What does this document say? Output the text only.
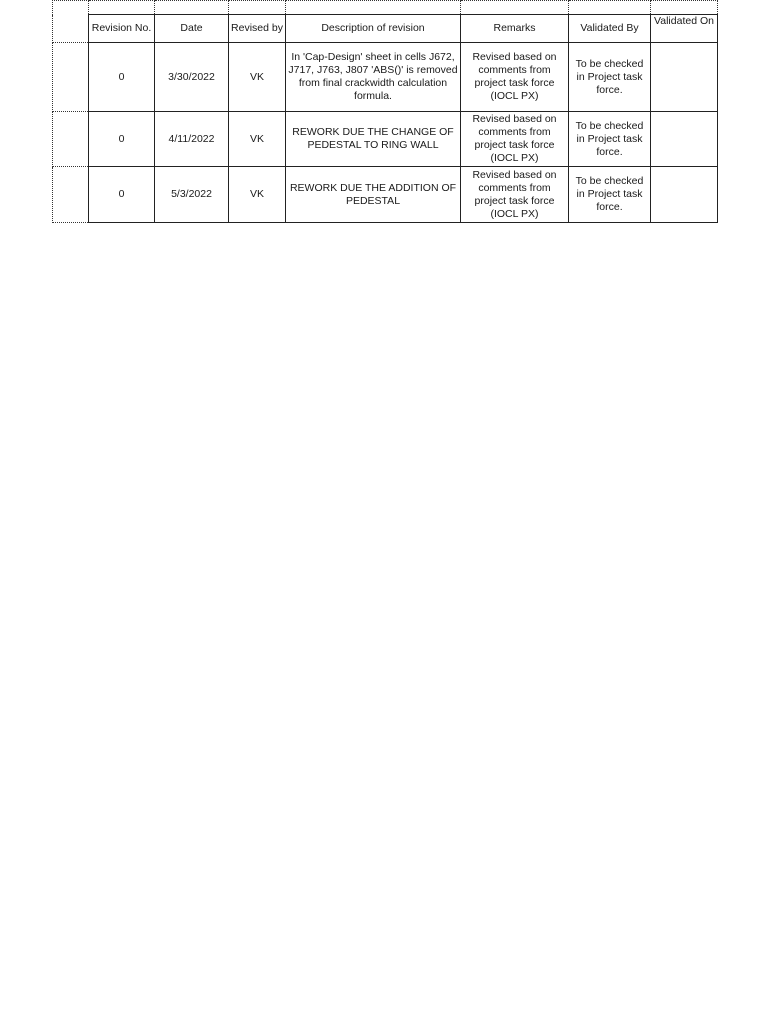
	Revision No.	Date	Revised by	Description of revision	Remarks	Validated By	Validated On
	0	3/30/2022	VK	In 'Cap-Design' sheet in cells J672, J717, J763, J807 'ABS()' is removed from final crackwidth calculation formula.	Revised based on comments from project task force (IOCL PX)	To be checked in Project task force.	
	0	4/11/2022	VK	REWORK DUE THE CHANGE OF PEDESTAL TO RING WALL	Revised based on comments from project task force (IOCL PX)	To be checked in Project task force.	
	0	5/3/2022	VK	REWORK DUE THE ADDITION OF PEDESTAL	Revised based on comments from project task force (IOCL PX)	To be checked in Project task force.	
